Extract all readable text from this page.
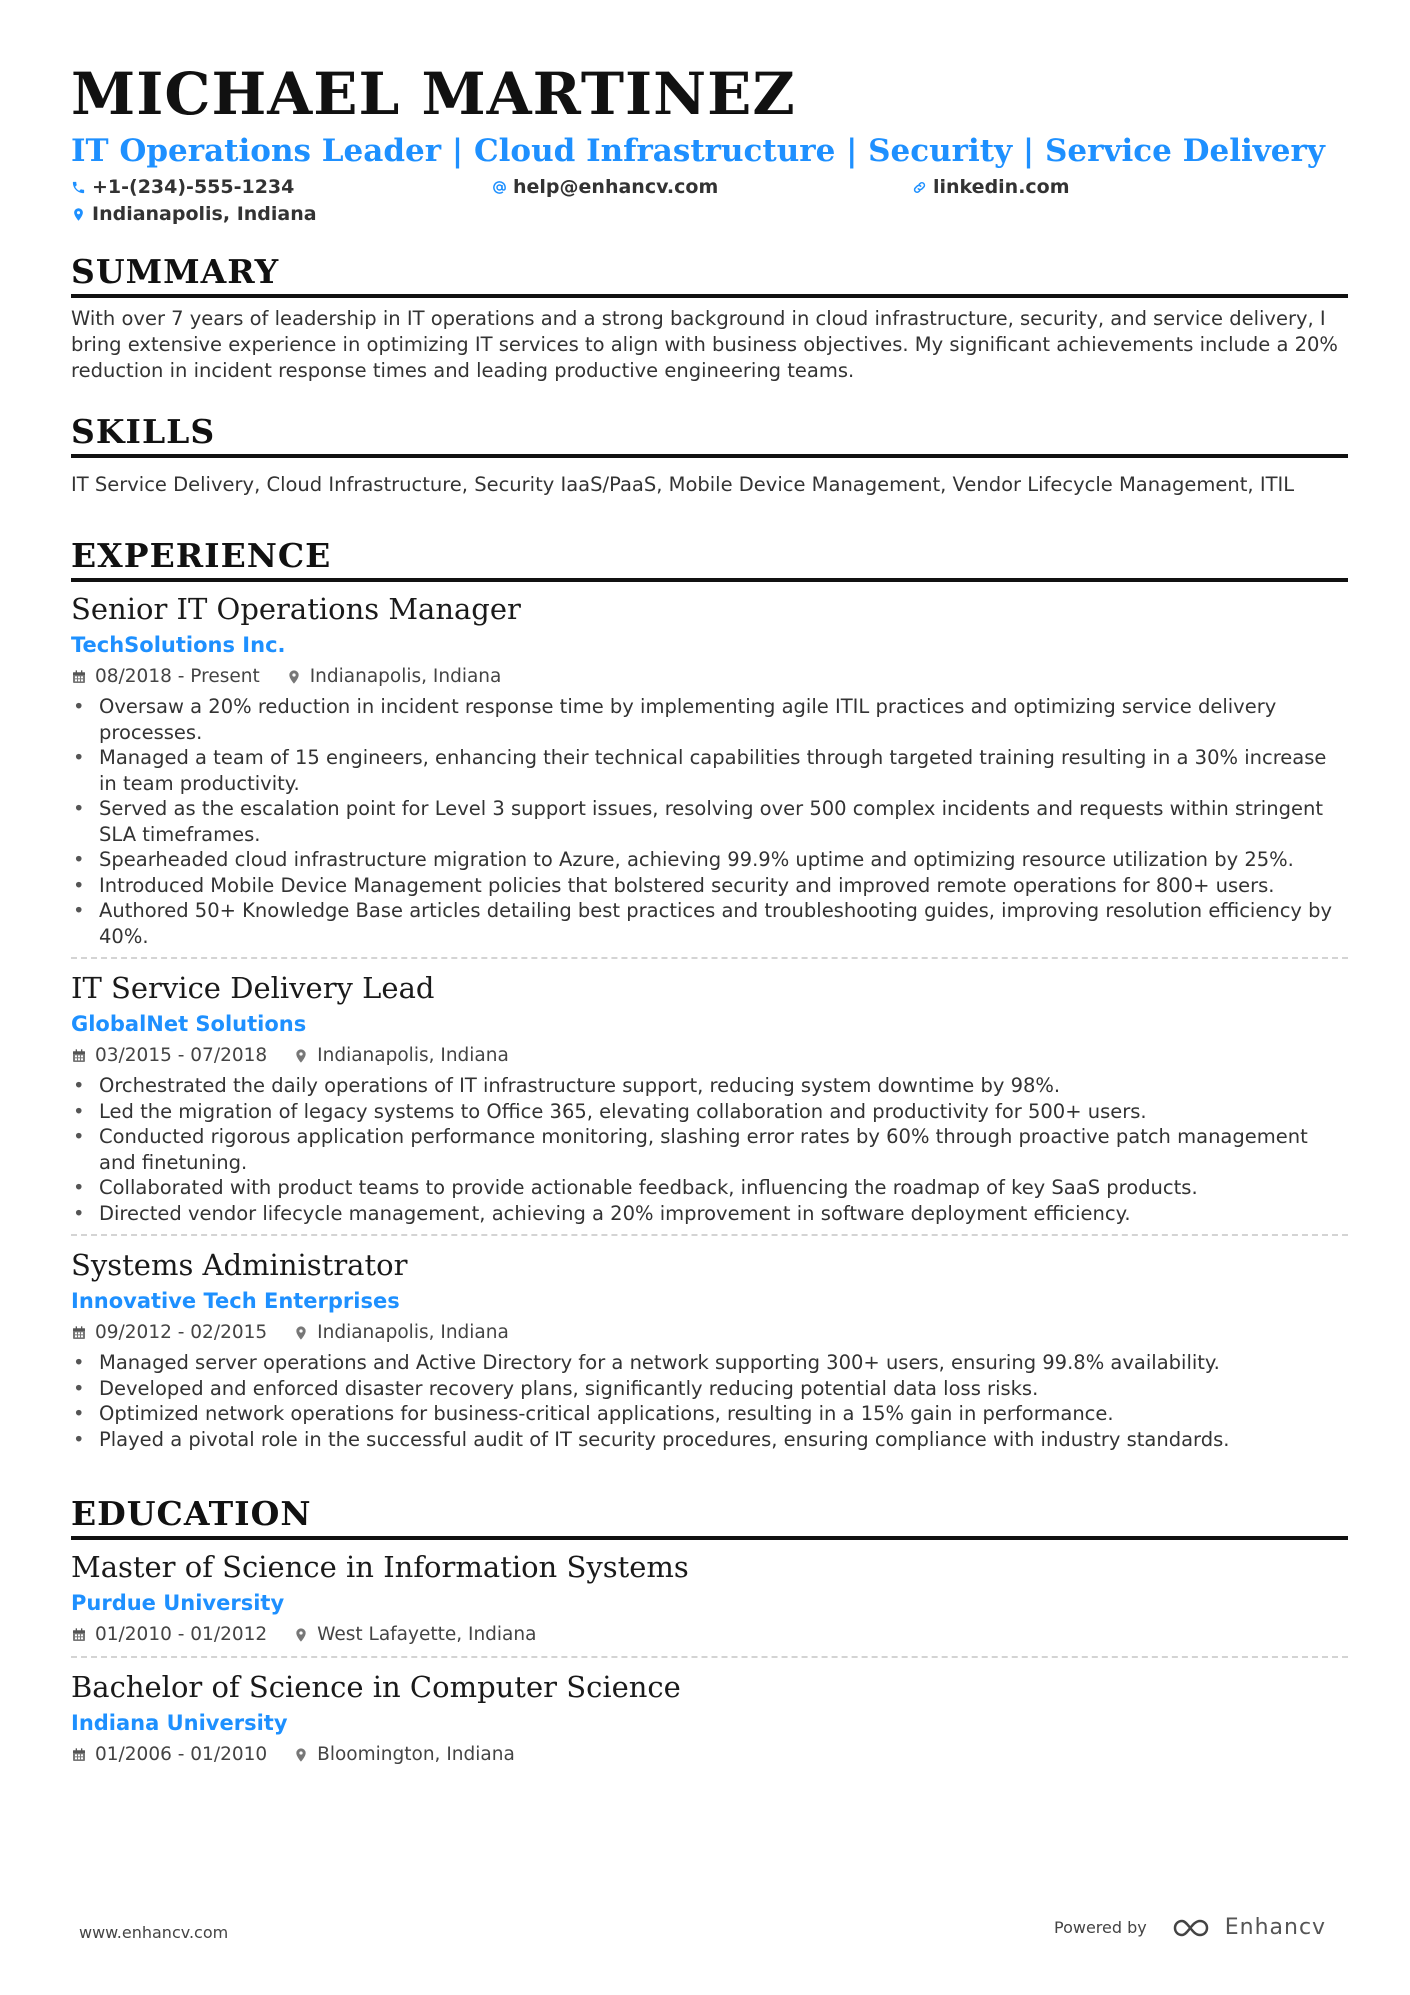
MICHAEL MARTINEZ
IT Operations Leader | Cloud Infrastructure | Security | Service Delivery
+1-(234)-555-1234	help@enhancv.com	linkedin.com
Indianapolis, Indiana
SUMMARY
With over 7 years of leadership in IT operations and a strong background in cloud infrastructure, security, and service delivery, I bring extensive experience in optimizing IT services to align with business objectives. My significant achievements include a 20% reduction in incident response times and leading productive engineering teams.
SKILLS
IT Service Delivery, Cloud Infrastructure, Security IaaS/PaaS, Mobile Device Management, Vendor Lifecycle Management, ITIL
EXPERIENCE
Senior IT Operations Manager
TechSolutions Inc.
08/2018 - Present	Indianapolis, Indiana
• Oversaw a 20% reduction in incident response time by implementing agile ITIL practices and optimizing service delivery processes.
• Managed a team of 15 engineers, enhancing their technical capabilities through targeted training resulting in a 30% increase in team productivity.
• Served as the escalation point for Level 3 support issues, resolving over 500 complex incidents and requests within stringent SLA timeframes.
• Spearheaded cloud infrastructure migration to Azure, achieving 99.9% uptime and optimizing resource utilization by 25%.
• Introduced Mobile Device Management policies that bolstered security and improved remote operations for 800+ users.
• Authored 50+ Knowledge Base articles detailing best practices and troubleshooting guides, improving resolution efficiency by 40%.
IT Service Delivery Lead
GlobalNet Solutions
03/2015 - 07/2018	Indianapolis, Indiana
• Orchestrated the daily operations of IT infrastructure support, reducing system downtime by 98%.
• Led the migration of legacy systems to Office 365, elevating collaboration and productivity for 500+ users.
• Conducted rigorous application performance monitoring, slashing error rates by 60% through proactive patch management and finetuning.
• Collaborated with product teams to provide actionable feedback, influencing the roadmap of key SaaS products.
• Directed vendor lifecycle management, achieving a 20% improvement in software deployment efficiency.
Systems Administrator
Innovative Tech Enterprises
09/2012 - 02/2015	Indianapolis, Indiana
• Managed server operations and Active Directory for a network supporting 300+ users, ensuring 99.8% availability.
• Developed and enforced disaster recovery plans, significantly reducing potential data loss risks.
• Optimized network operations for business-critical applications, resulting in a 15% gain in performance.
• Played a pivotal role in the successful audit of IT security procedures, ensuring compliance with industry standards.
EDUCATION
Master of Science in Information Systems
Purdue University
01/2010 - 01/2012	West Lafayette, Indiana
Bachelor of Science in Computer Science
Indiana University
01/2006 - 01/2010	Bloomington, Indiana
www.enhancv.com	Powered by	Enhancv
